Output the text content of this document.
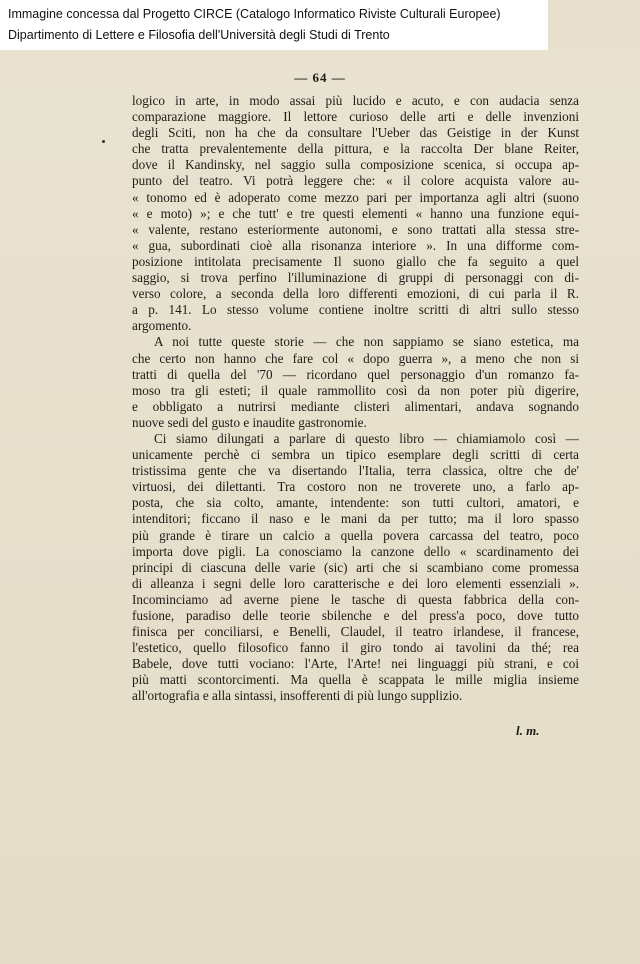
Immagine concessa dal Progetto CIRCE (Catalogo Informatico Riviste Culturali Europee)
Dipartimento di Lettere e Filosofia dell'Università degli Studi di Trento
— 64 —

logico in arte, in modo assai più lucido e acuto, e con audacia senza
comparazione maggiore. Il lettore curioso delle arti e delle invenzioni
degli Sciti, non ha che da consultare l'Ueber das Geistige in der Kunst
che tratta prevalentemente della pittura, e la raccolta Der blane Reiter,
dove il Kandinsky, nel saggio sulla composizione scenica, si occupa ap-
punto del teatro. Vi potrà leggere che: « il colore acquista valore au-
« tonomo ed è adoperato come mezzo pari per importanza agli altri (suono
« e moto) »; e che tutt' e tre questi elementi « hanno una funzione equi-
« valente, restano esteriormente autonomi, e sono trattati alla stessa stre-
« gua, subordinati cioè alla risonanza interiore ». In una difforme com-
posizione intitolata precisamente Il suono giallo che fa seguito a quel
saggio, si trova perfino l'illuminazione di gruppi di personaggi con di-
verso colore, a seconda della loro differenti emozioni, di cui parla il R.
a p. 141. Lo stesso volume contiene inoltre scritti di altri sullo stesso
argomento.

A noi tutte queste storie — che non sappiamo se siano estetica, ma
che certo non hanno che fare col « dopo guerra », a meno che non si
tratti di quella del '70 — ricordano quel personaggio d'un romanzo fa-
moso tra gli esteti; il quale rammollito così da non poter più digerire,
e obbligato a nutrirsi mediante clisteri alimentari, andava sognando
nuove sedi del gusto e inaudite gastronomie.

Ci siamo dilungati a parlare di questo libro — chiamiamolo così —
unicamente perchè ci sembra un tipico esemplare degli scritti di certa
tristissima gente che va disertando l'Italia, terra classica, oltre che de'
virtuosi, dei dilettanti. Tra costoro non ne troverete uno, a farlo ap-
posta, che sia colto, amante, intendente: son tutti cultori, amatori, e
intenditori; ficcano il naso e le mani da per tutto; ma il loro spasso
più grande è tirare un calcio a quella povera carcassa del teatro, poco
importa dove pigli. La conosciamo la canzone dello « scardinamento dei
principi di ciascuna delle varie (sic) arti che si scambiano come promessa
di alleanza i segni delle loro caratterische e dei loro elementi essenziali ».
Incominciamo ad averne piene le tasche di questa fabbrica della con-
fusione, paradiso delle teorie sbilenche e del press'a poco, dove tutto
finisca per conciliarsi, e Benelli, Claudel, il teatro irlandese, il francese,
l'estetico, quello filosofico fanno il giro tondo ai tavolini da thé; rea
Babele, dove tutti vociano: l'Arte, l'Arte! nei linguaggi più strani, e coi
più matti scontorcimenti. Ma quella è scappata le mille miglia insieme
all'ortografia e alla sintassi, insofferenti di più lungo supplizio.

l. m.
